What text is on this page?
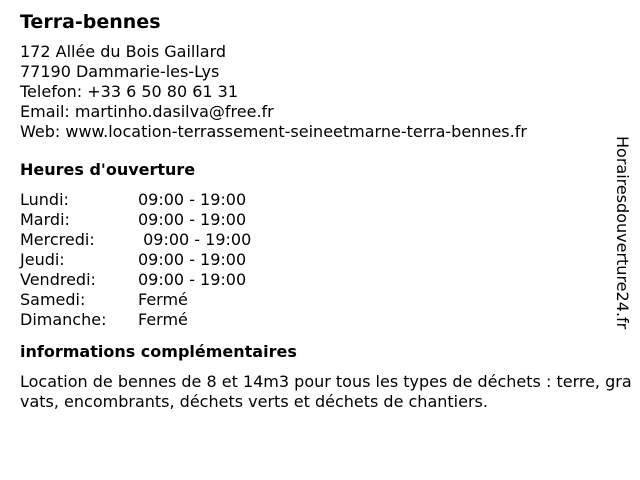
Terra-bennes
172 Allée du Bois Gaillard
77190 Dammarie-les-Lys
Telefon: +33 6 50 80 61 31
Email: martinho.dasilva@free.fr
Web: www.location-terrassement-seineetmarne-terra-bennes.fr
Heures d'ouverture
Lundi:	09:00 - 19:00
Mardi:	09:00 - 19:00
Mercredi:	09:00 - 19:00
Jeudi:	09:00 - 19:00
Vendredi:	09:00 - 19:00
Samedi:	Fermé
Dimanche:	Fermé
informations complémentaires
Location de bennes de 8 et 14m3 pour tous les types de déchets : terre, gravats, encombrants, déchets verts et déchets de chantiers.
Horairesdouverture24.fr
